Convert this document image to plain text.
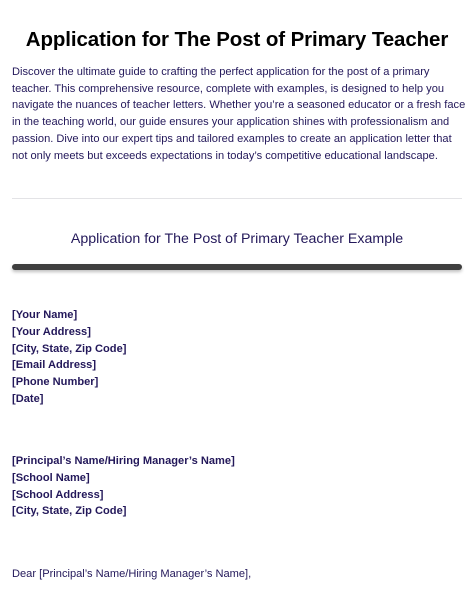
Application for The Post of Primary Teacher

Discover the ultimate guide to crafting the perfect application for the post of a primary teacher. This comprehensive resource, complete with examples, is designed to help you navigate the nuances of teacher letters. Whether you’re a seasoned educator or a fresh face in the teaching world, our guide ensures your application shines with professionalism and passion. Dive into our expert tips and tailored examples to create an application letter that not only meets but exceeds expectations in today’s competitive educational landscape.

Application for The Post of Primary Teacher Example
[Your Name]
[Your Address]
[City, State, Zip Code]
[Email Address]
[Phone Number]
[Date]
[Principal’s Name/Hiring Manager’s Name]
[School Name]
[School Address]
[City, State, Zip Code]
Dear [Principal’s Name/Hiring Manager’s Name],
